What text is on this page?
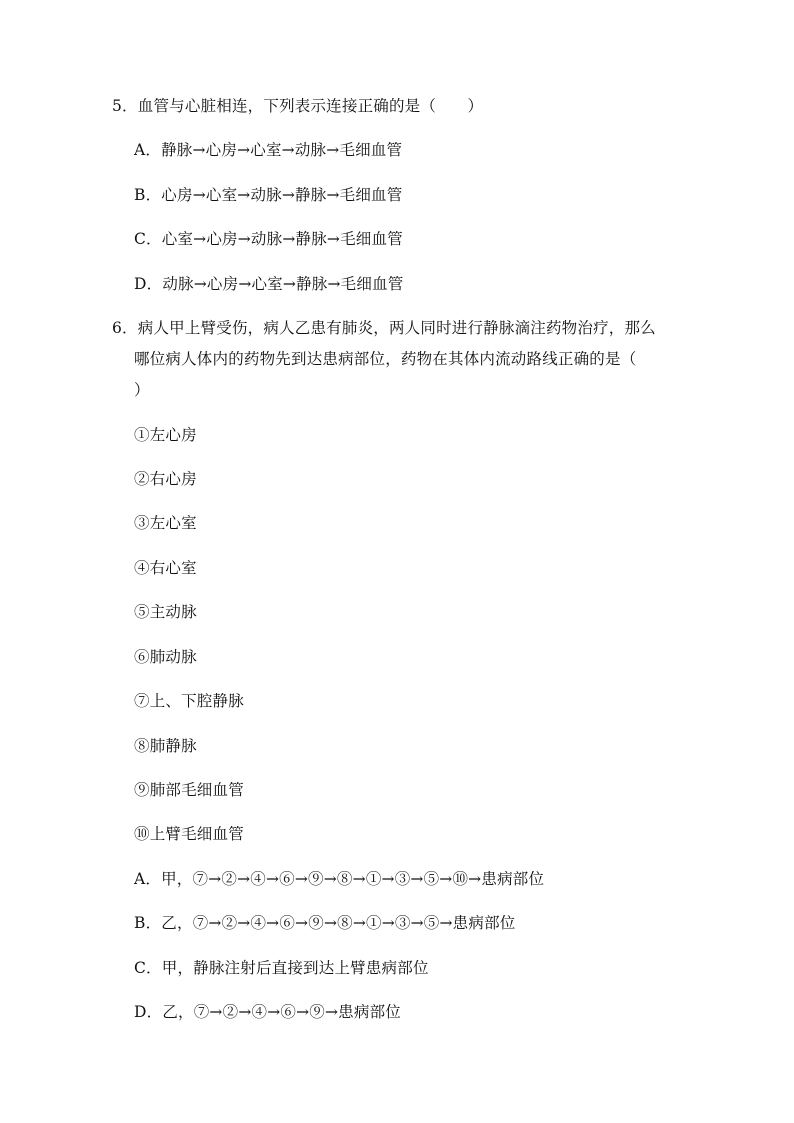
5．血管与心脏相连，下列表示连接正确的是（　　）
A．静脉→心房→心室→动脉→毛细血管
B．心房→心室→动脉→静脉→毛细血管
C．心室→心房→动脉→静脉→毛细血管
D．动脉→心房→心室→静脉→毛细血管
6．病人甲上臂受伤，病人乙患有肺炎，两人同时进行静脉滴注药物治疗，那么
哪位病人体内的药物先到达患病部位，药物在其体内流动路线正确的是（
）
①左心房
②右心房
③左心室
④右心室
⑤主动脉
⑥肺动脉
⑦上、下腔静脉
⑧肺静脉
⑨肺部毛细血管
⑩上臂毛细血管
A．甲，⑦→②→④→⑥→⑨→⑧→①→③→⑤→⑩→患病部位
B．乙，⑦→②→④→⑥→⑨→⑧→①→③→⑤→患病部位
C．甲，静脉注射后直接到达上臂患病部位
D．乙，⑦→②→④→⑥→⑨→患病部位
